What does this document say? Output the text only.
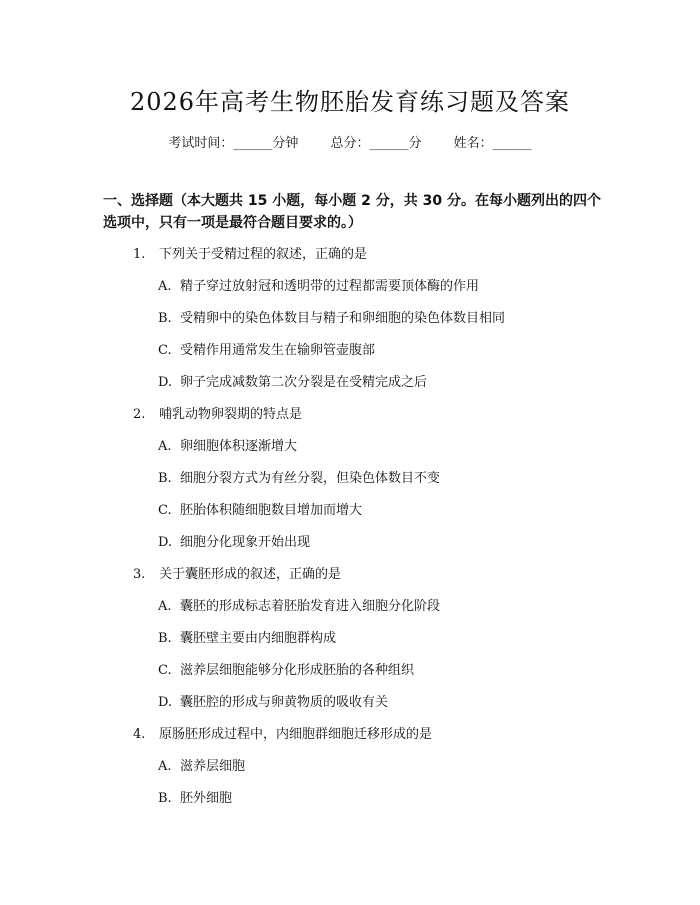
2026年高考生物胚胎发育练习题及答案
考试时间：______分钟 总分：______分 姓名：______
一、选择题（本大题共 15 小题，每小题 2 分，共 30 分。在每小题列出的四个选项中，只有一项是最符合题目要求的。）
1. 下列关于受精过程的叙述，正确的是
A. 精子穿过放射冠和透明带的过程都需要顶体酶的作用
B. 受精卵中的染色体数目与精子和卵细胞的染色体数目相同
C. 受精作用通常发生在输卵管壶腹部
D. 卵子完成减数第二次分裂是在受精完成之后
2. 哺乳动物卵裂期的特点是
A. 卵细胞体积逐渐增大
B. 细胞分裂方式为有丝分裂，但染色体数目不变
C. 胚胎体积随细胞数目增加而增大
D. 细胞分化现象开始出现
3. 关于囊胚形成的叙述，正确的是
A. 囊胚的形成标志着胚胎发育进入细胞分化阶段
B. 囊胚壁主要由内细胞群构成
C. 滋养层细胞能够分化形成胚胎的各种组织
D. 囊胚腔的形成与卵黄物质的吸收有关
4. 原肠胚形成过程中，内细胞群细胞迁移形成的是
A. 滋养层细胞
B. 胚外细胞
